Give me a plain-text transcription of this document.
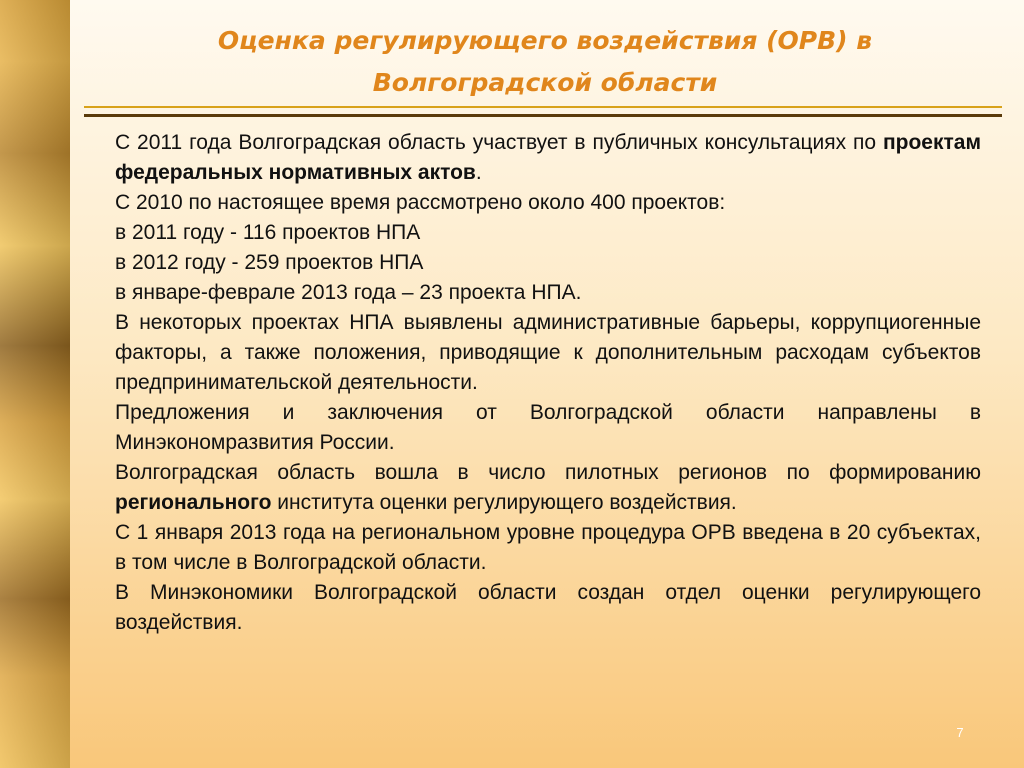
Оценка регулирующего воздействия (ОРВ) в
Волгоградской области

С 2011 года Волгоградская область участвует в публичных консультациях по проектам федеральных нормативных актов.

С 2010 по настоящее время рассмотрено около 400 проектов:

в 2011 году - 116 проектов НПА

в 2012 году - 259 проектов НПА

в январе-феврале 2013 года – 23 проекта НПА.

В некоторых проектах НПА выявлены административные барьеры, коррупциогенные факторы, а также положения, приводящие к дополнительным расходам субъектов предпринимательской деятельности.

Предложения и заключения от Волгоградской области направлены в Минэкономразвития России.

Волгоградская область вошла в число пилотных регионов по формированию регионального института оценки регулирующего воздействия.

С 1 января 2013 года на региональном уровне процедура ОРВ введена в 20 субъектах, в том числе в Волгоградской области.

В Минэкономики Волгоградской области создан отдел оценки регулирующего воздействия.

7
